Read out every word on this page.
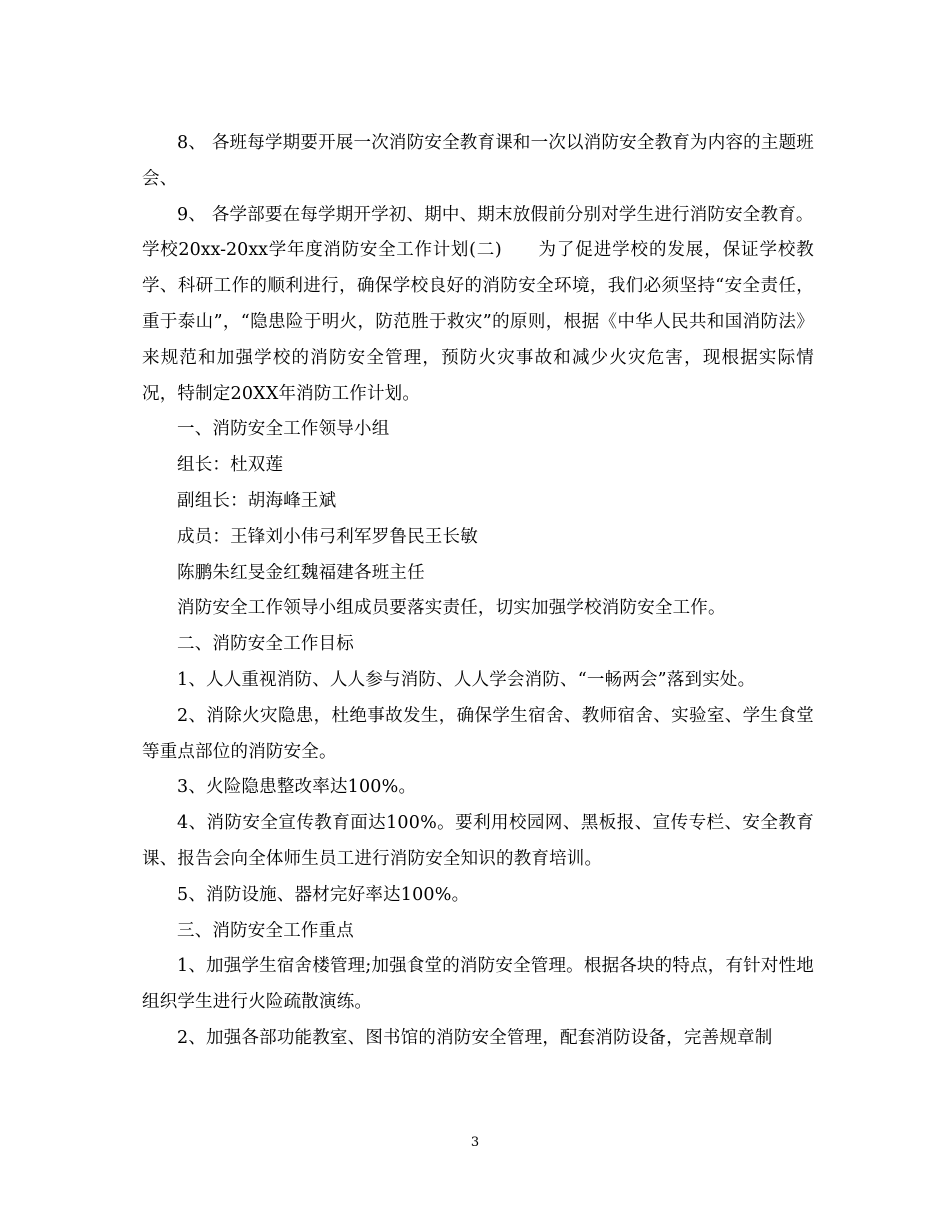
8、 各班每学期要开展一次消防安全教育课和一次以消防安全教育为内容的主题班会、

9、 各学部要在每学期开学初、期中、期末放假前分别对学生进行消防安全教育。

学校20xx-20xx学年度消防安全工作计划(二) 为了促进学校的发展，保证学校教学、科研工作的顺利进行，确保学校良好的消防安全环境，我们必须坚持“安全责任，重于泰山”，“隐患险于明火，防范胜于救灾”的原则，根据《中华人民共和国消防法》来规范和加强学校的消防安全管理，预防火灾事故和减少火灾危害，现根据实际情况，特制定20XX年消防工作计划。

一、消防安全工作领导小组

组长：杜双莲

副组长：胡海峰王斌

成员：王锋刘小伟弓利军罗鲁民王长敏

陈鹏朱红旻金红魏福建各班主任

消防安全工作领导小组成员要落实责任，切实加强学校消防安全工作。

二、消防安全工作目标

1、人人重视消防、人人参与消防、人人学会消防、“一畅两会”落到实处。

2、消除火灾隐患，杜绝事故发生，确保学生宿舍、教师宿舍、实验室、学生食堂等重点部位的消防安全。

3、火险隐患整改率达100%。

4、消防安全宣传教育面达100%。要利用校园网、黑板报、宣传专栏、安全教育课、报告会向全体师生员工进行消防安全知识的教育培训。

5、消防设施、器材完好率达100%。

三、消防安全工作重点

1、加强学生宿舍楼管理;加强食堂的消防安全管理。根据各块的特点，有针对性地组织学生进行火险疏散演练。

2、加强各部功能教室、图书馆的消防安全管理，配套消防设备，完善规章制

3
